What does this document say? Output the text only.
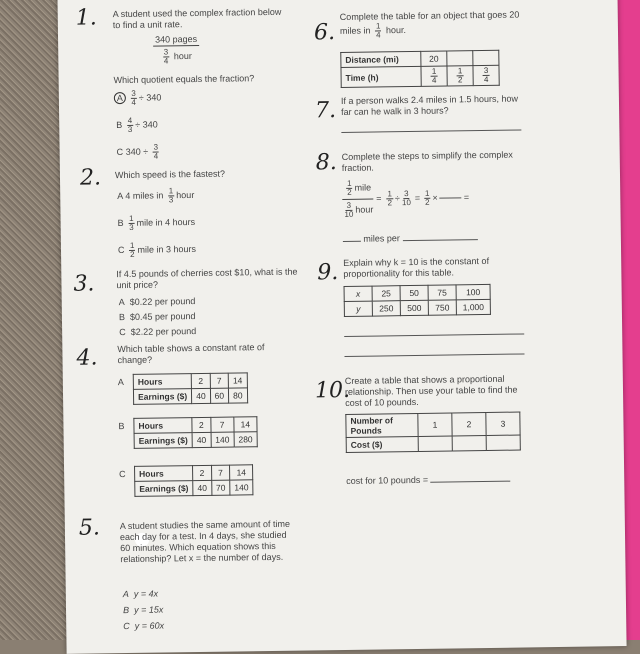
1. A student used the complex fraction below to find a unit rate.
340 pages
$\frac{3}{4}$ hour
Which quotient equals the fraction?
A $\frac{3}{4} \div 340$
B $\frac{4}{3} \div 340$
C $340 \div \frac{3}{4}$
2. Which speed is the fastest?
A 4 miles in $\frac{1}{3}$ hour
B $\frac{1}{3}$ mile in 4 hours
C $\frac{1}{2}$ mile in 3 hours
3. If 4.5 pounds of cherries cost $10, what is the unit price?
A $0.22 per pound
B $0.45 per pound
C $2.22 per pound
4. Which table shows a constant rate of change?
A Hours	2	7	14
Earnings ($)	40	60	80
B Hours	2	7	14
Earnings ($)	40	140	280
C Hours	2	7	14
Earnings ($)	40	70	140
5. A student studies the same amount of time each day for a test. In 4 days, she studied 60 minutes. Which equation shows this relationship? Let x = the number of days.
A y = 4x
B y = 15x
C y = 60x
6.
Complete the table for an object that goes 20 miles in $\frac{1}{4}$ hour.
Distance (mi)	20		
Time (h)	$\frac{1}{4}$	$\frac{1}{2}$	$\frac{3}{4}$
7. If a person walks 2.4 miles in 1.5 hours, how far can he walk in 3 hours?
8. Complete the steps to simplify the complex fraction.
$\frac{1}{2}$ mile
$\frac{3}{10}$ hour
= $\frac{1}{2} \div \frac{3}{10} = \frac{1}{2}$ ×	=
miles per
9. Explain why k = 10 is the constant of proportionality for this table.
x	25	50	75	100
y	250	500	750	1,000
10.
Create a table that shows a proportional relationship. Then use your table to find the cost of 10 pounds.
Number of Pounds	1	2	3
Cost ($)			
cost for 10 pounds =
